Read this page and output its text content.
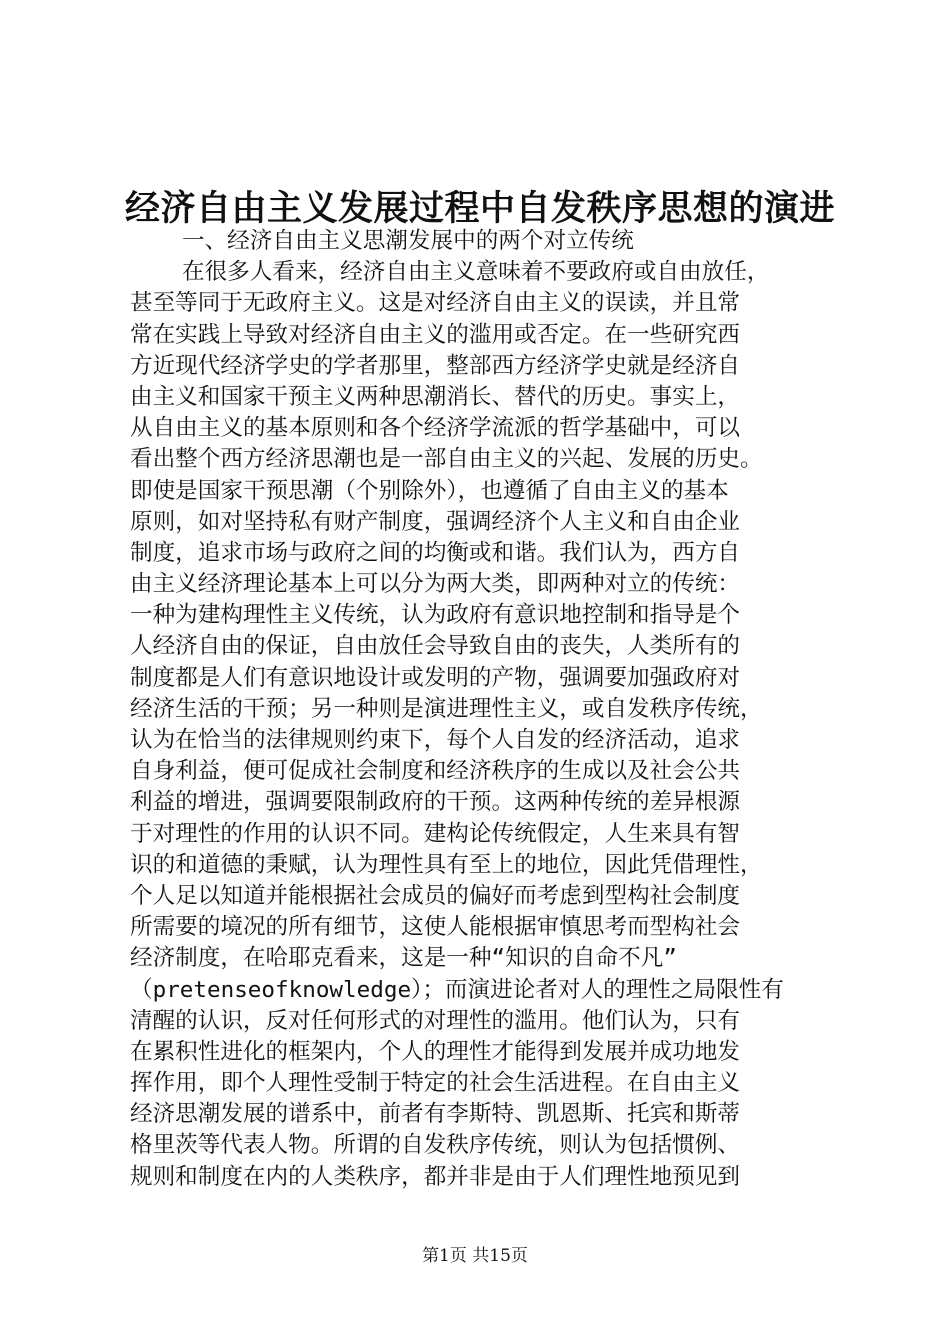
经济自由主义发展过程中自发秩序思想的演进
一、经济自由主义思潮发展中的两个对立传统
在很多人看来，经济自由主义意味着不要政府或自由放任，
甚至等同于无政府主义。这是对经济自由主义的误读，并且常
常在实践上导致对经济自由主义的滥用或否定。在一些研究西
方近现代经济学史的学者那里，整部西方经济学史就是经济自
由主义和国家干预主义两种思潮消长、替代的历史。事实上，
从自由主义的基本原则和各个经济学流派的哲学基础中，可以
看出整个西方经济思潮也是一部自由主义的兴起、发展的历史。
即使是国家干预思潮（个别除外），也遵循了自由主义的基本
原则，如对坚持私有财产制度，强调经济个人主义和自由企业
制度，追求市场与政府之间的均衡或和谐。我们认为，西方自
由主义经济理论基本上可以分为两大类，即两种对立的传统：
一种为建构理性主义传统，认为政府有意识地控制和指导是个
人经济自由的保证，自由放任会导致自由的丧失，人类所有的
制度都是人们有意识地设计或发明的产物，强调要加强政府对
经济生活的干预；另一种则是演进理性主义，或自发秩序传统，
认为在恰当的法律规则约束下，每个人自发的经济活动，追求
自身利益，便可促成社会制度和经济秩序的生成以及社会公共
利益的增进，强调要限制政府的干预。这两种传统的差异根源
于对理性的作用的认识不同。建构论传统假定，人生来具有智
识的和道德的秉赋，认为理性具有至上的地位，因此凭借理性，
个人足以知道并能根据社会成员的偏好而考虑到型构社会制度
所需要的境况的所有细节，这使人能根据审慎思考而型构社会
经济制度，在哈耶克看来，这是一种“知识的自命不凡”
（pretenseofknowledge）；而演进论者对人的理性之局限性有
清醒的认识，反对任何形式的对理性的滥用。他们认为，只有
在累积性进化的框架内，个人的理性才能得到发展并成功地发
挥作用，即个人理性受制于特定的社会生活进程。在自由主义
经济思潮发展的谱系中，前者有李斯特、凯恩斯、托宾和斯蒂
格里茨等代表人物。所谓的自发秩序传统，则认为包括惯例、
规则和制度在内的人类秩序，都并非是由于人们理性地预见到
第1页 共15页
